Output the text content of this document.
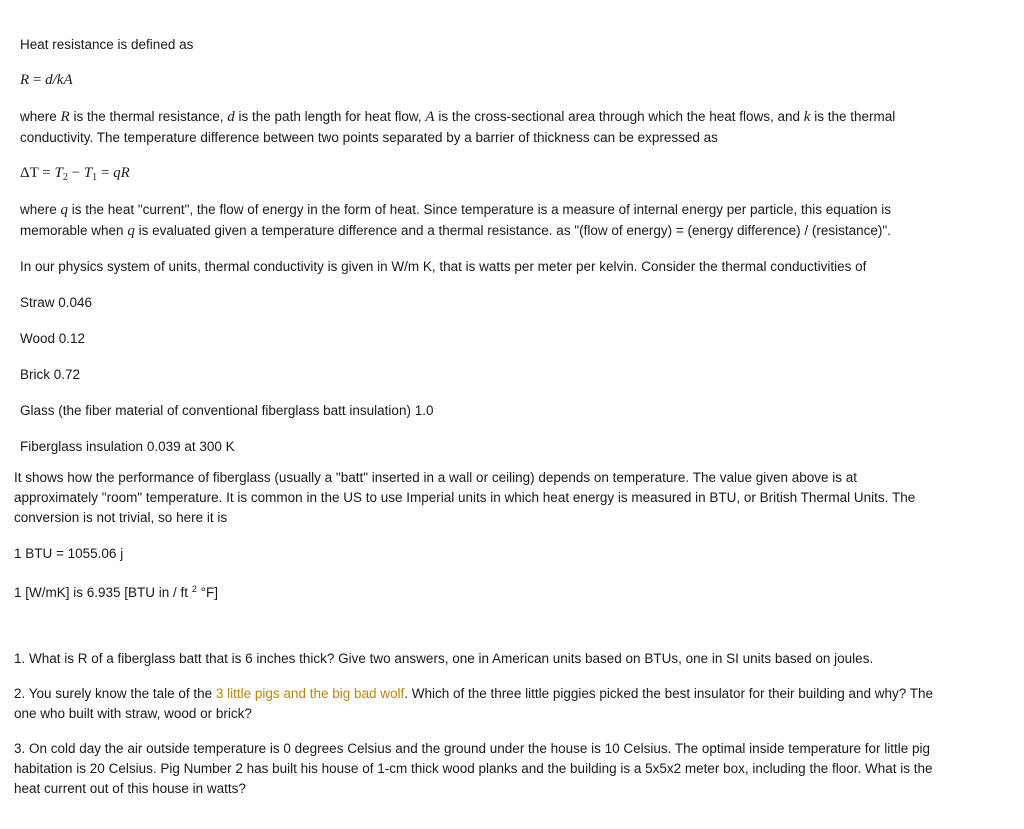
Heat resistance is defined as
R = d/kA
where R is the thermal resistance, d is the path length for heat flow, A is the cross-sectional area through which the heat flows, and k is the thermal
conductivity. The temperature difference between two points separated by a barrier of thickness can be expressed as
$\Delta T = T_2 - T_1$ = qR
where q is the heat "current", the flow of energy in the form of heat. Since temperature is a measure of internal energy per particle, this equation is
memorable when q is evaluated given a temperature difference and a thermal resistance. as "(flow of energy) = (energy difference) / (resistance)".
In our physics system of units, thermal conductivity is given in W/m K, that is watts per meter per kelvin. Consider the thermal conductivities of
Straw 0.046
Wood 0.12
Brick 0.72
Glass (the fiber material of conventional fiberglass batt insulation) 1.0
Fiberglass insulation 0.039 at 300 K
It shows how the performance of fiberglass (usually a "batt" inserted in a wall or ceiling) depends on temperature. The value given above is at
approximately "room" temperature. It is common in the US to use Imperial units in which heat energy is measured in BTU, or British Thermal Units. The
conversion is not trivial, so here it is
1 BTU = 1055.06 j
1 [W/mK] is 6.935 [BTU in / ft $^2$ °F]
1. What is R of a fiberglass batt that is 6 inches thick? Give two answers, one in American units based on BTUs, one in SI units based on joules.
2. You surely know the tale of the 3 little pigs and the big bad wolf. Which of the three little piggies picked the best insulator for their building and why? The
one who built with straw, wood or brick?
3. On cold day the air outside temperature is 0 degrees Celsius and the ground under the house is 10 Celsius. The optimal inside temperature for little pig
habitation is 20 Celsius. Pig Number 2 has built his house of 1-cm thick wood planks and the building is a 5x5x2 meter box, including the floor. What is the
heat current out of this house in watts?
